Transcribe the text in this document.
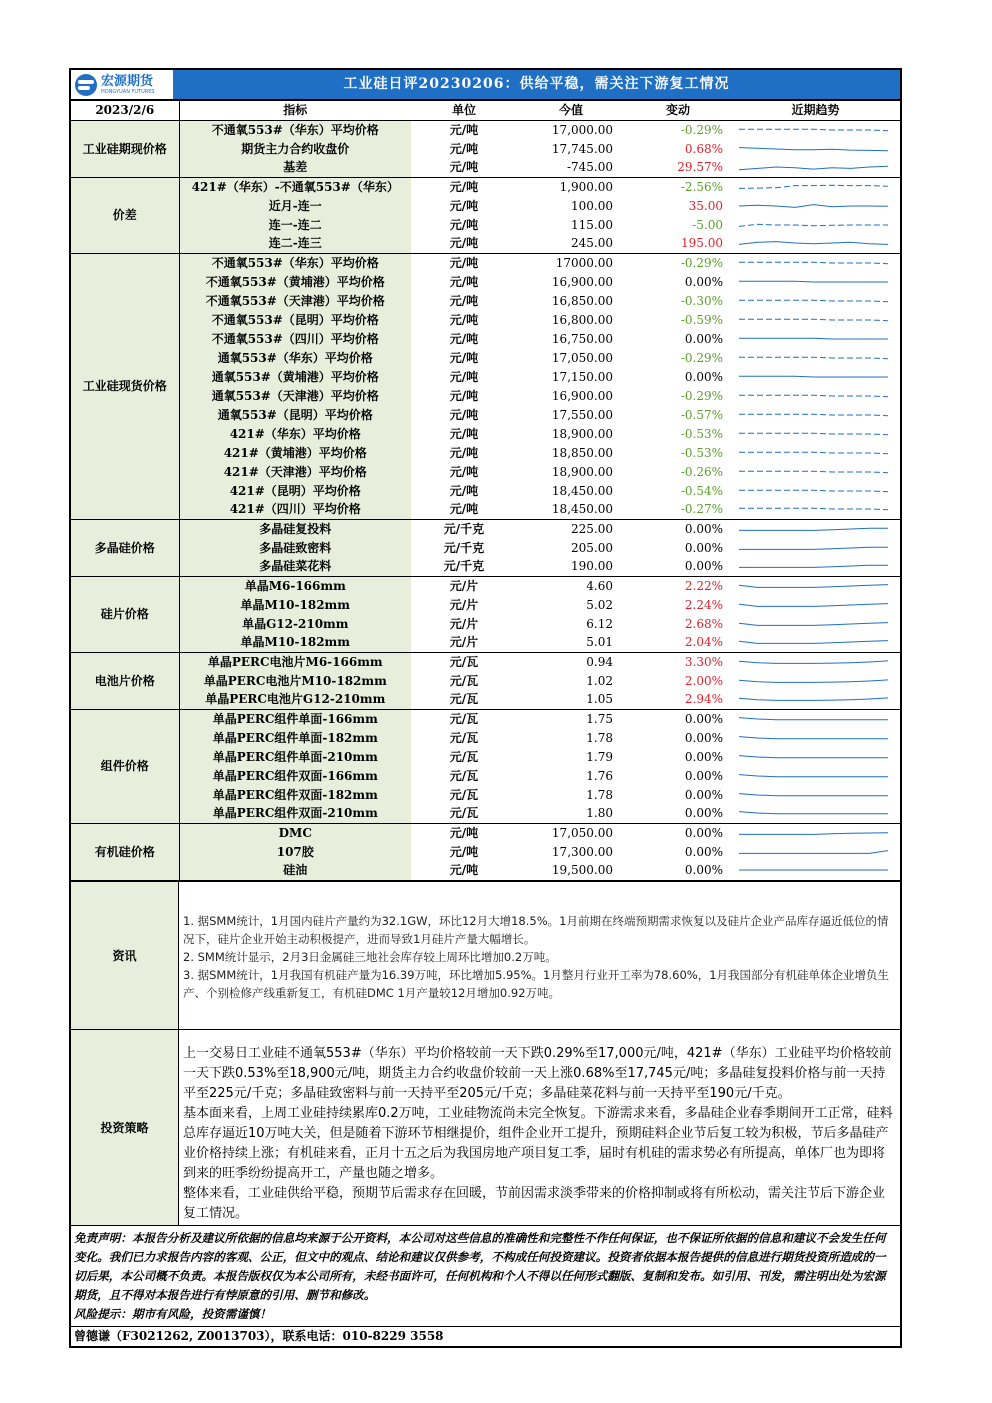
宏源期货
HONGYUAN FUTURES	工业硅日评20230206：供给平稳，需关注下游复工情况
2023/2/6	指标	单位	今值	变动	近期趋势
工业硅期现价格	不通氧553#（华东）平均价格	元/吨	17,000.00	-0.29%	

	期货主力合约收盘价	元/吨	17,745.00	0.68%	

	基差	元/吨	-745.00	29.57%	

价差	421#（华东）-不通氧553#（华东）	元/吨	1,900.00	-2.56%	

	近月-连一	元/吨	100.00	35.00	

	连一-连二	元/吨	115.00	-5.00	

	连二-连三	元/吨	245.00	195.00	

工业硅现货价格	不通氧553#（华东）平均价格	元/吨	17000.00	-0.29%	

	不通氧553#（黄埔港）平均价格	元/吨	16,900.00	0.00%	

	不通氧553#（天津港）平均价格	元/吨	16,850.00	-0.30%	

	不通氧553#（昆明）平均价格	元/吨	16,800.00	-0.59%	

	不通氧553#（四川）平均价格	元/吨	16,750.00	0.00%	

	通氧553#（华东）平均价格	元/吨	17,050.00	-0.29%	

	通氧553#（黄埔港）平均价格	元/吨	17,150.00	0.00%	

	通氧553#（天津港）平均价格	元/吨	16,900.00	-0.29%	

	通氧553#（昆明）平均价格	元/吨	17,550.00	-0.57%	

	421#（华东）平均价格	元/吨	18,900.00	-0.53%	

	421#（黄埔港）平均价格	元/吨	18,850.00	-0.53%	

	421#（天津港）平均价格	元/吨	18,900.00	-0.26%	

	421#（昆明）平均价格	元/吨	18,450.00	-0.54%	

	421#（四川）平均价格	元/吨	18,450.00	-0.27%	

多晶硅价格	多晶硅复投料	元/千克	225.00	0.00%	

	多晶硅致密料	元/千克	205.00	0.00%	

	多晶硅菜花料	元/千克	190.00	0.00%	

硅片价格	单晶M6-166mm	元/片	4.60	2.22%	

	单晶M10-182mm	元/片	5.02	2.24%	

	单晶G12-210mm	元/片	6.12	2.68%	

	单晶M10-182mm	元/片	5.01	2.04%	

电池片价格	单晶PERC电池片M6-166mm	元/瓦	0.94	3.30%	

	单晶PERC电池片M10-182mm	元/瓦	1.02	2.00%	

	单晶PERC电池片G12-210mm	元/瓦	1.05	2.94%	

组件价格	单晶PERC组件单面-166mm	元/瓦	1.75	0.00%	

	单晶PERC组件单面-182mm	元/瓦	1.78	0.00%	

	单晶PERC组件单面-210mm	元/瓦	1.79	0.00%	

	单晶PERC组件双面-166mm	元/瓦	1.76	0.00%	

	单晶PERC组件双面-182mm	元/瓦	1.78	0.00%	

	单晶PERC组件双面-210mm	元/瓦	1.80	0.00%	

有机硅价格	DMC	元/吨	17,050.00	0.00%	

	107胶	元/吨	17,300.00	0.00%	

	硅油	元/吨	19,500.00	0.00%	
资讯
1. 据SMM统计，1月国内硅片产量约为32.1GW，环比12月大增18.5%。1月前期在终端预期需求恢复以及硅片企业产品库存逼近低位的情况下，硅片企业开始主动积极提产，进而导致1月硅片产量大幅增长。
2. SMM统计显示，2月3日金属硅三地社会库存较上周环比增加0.2万吨。
3. 据SMM统计，1月我国有机硅产量为16.39万吨，环比增加5.95%。1月整月行业开工率为78.60%，1月我国部分有机硅单体企业增负生产、个别检修产线重新复工，有机硅DMC 1月产量较12月增加0.92万吨。
投资策略
上一交易日工业硅不通氧553#（华东）平均价格较前一天下跌0.29%至17,000元/吨，421#（华东）工业硅平均价格较前一天下跌0.53%至18,900元/吨，期货主力合约收盘价较前一天上涨0.68%至17,745元/吨；多晶硅复投料价格与前一天持平至225元/千克；多晶硅致密料与前一天持平至205元/千克；多晶硅菜花料与前一天持平至190元/千克。
基本面来看，上周工业硅持续累库0.2万吨，工业硅物流尚未完全恢复。下游需求来看，多晶硅企业春季期间开工正常，硅料总库存逼近10万吨大关，但是随着下游环节相继提价，组件企业开工提升，预期硅料企业节后复工较为积极，节后多晶硅产业价格持续上涨；有机硅来看，正月十五之后为我国房地产项目复工季，届时有机硅的需求势必有所提高，单体厂也为即将到来的旺季纷纷提高开工，产量也随之增多。
整体来看，工业硅供给平稳，预期节后需求存在回暖，节前因需求淡季带来的价格抑制或将有所松动，需关注节后下游企业复工情况。
免责声明：本报告分析及建议所依据的信息均来源于公开资料，本公司对这些信息的准确性和完整性不作任何保证，也不保证所依据的信息和建议不会发生任何变化。我们已力求报告内容的客观、公正，但文中的观点、结论和建议仅供参考，不构成任何投资建议。投资者依据本报告提供的信息进行期货投资所造成的一切后果，本公司概不负责。本报告版权仅为本公司所有，未经书面许可，任何机构和个人不得以任何形式翻版、复制和发布。如引用、刊发，需注明出处为宏源期货，且不得对本报告进行有悖原意的引用、删节和修改。
风险提示：期市有风险，投资需谨慎！
曾德谦（F3021262, Z0013703），联系电话：010-8229 3558
